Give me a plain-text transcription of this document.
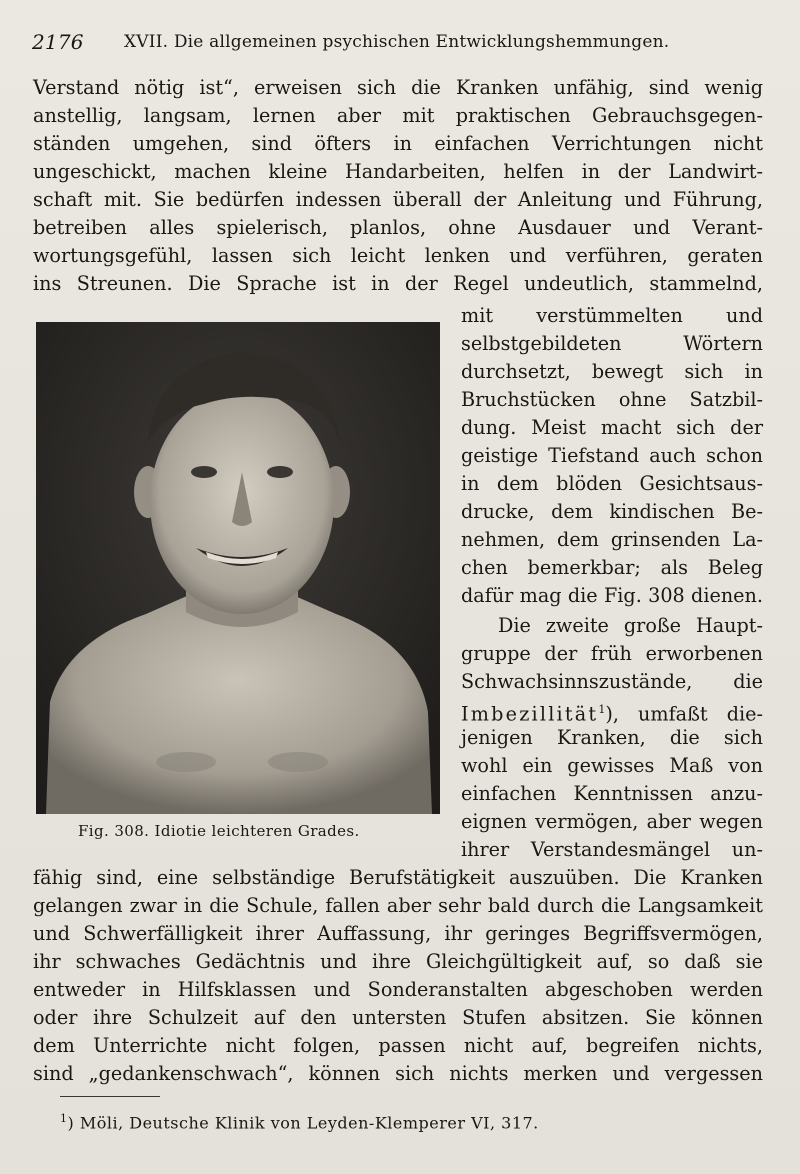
2176 XVII. Die allgemeinen psychischen Entwicklungshemmungen.
Verstand nötig ist“, erweisen sich die Kranken unfähig, sind wenig
anstellig, langsam, lernen aber mit praktischen Gebrauchsgegen-
ständen umgehen, sind öfters in einfachen Verrichtungen nicht
ungeschickt, machen kleine Handarbeiten, helfen in der Landwirt-
schaft mit. Sie bedürfen indessen überall der Anleitung und Führung,
betreiben alles spielerisch, planlos, ohne Ausdauer und Verant-
wortungsgefühl, lassen sich leicht lenken und verführen, geraten
ins Streunen. Die Sprache ist in der Regel undeutlich, stammelnd,
Fig. 308. Idiotie leichteren Grades.
mit verstümmelten und
selbstgebildeten Wörtern
durchsetzt, bewegt sich in
Bruchstücken ohne Satzbil-
dung. Meist macht sich der
geistige Tiefstand auch schon
in dem blöden Gesichtsaus-
drucke, dem kindischen Be-
nehmen, dem grinsenden La-
chen bemerkbar; als Beleg
dafür mag die Fig. 308 dienen.
Die zweite große Haupt-
gruppe der früh erworbenen
Schwachsinnszustände, die
Imbezillität$^1$), umfaßt die-
jenigen Kranken, die sich
wohl ein gewisses Maß von
einfachen Kenntnissen anzu-
eignen vermögen, aber wegen
ihrer Verstandesmängel un-
fähig sind, eine selbständige Berufstätigkeit auszuüben. Die Kranken
gelangen zwar in die Schule, fallen aber sehr bald durch die Langsamkeit
und Schwerfälligkeit ihrer Auffassung, ihr geringes Begriffsvermögen,
ihr schwaches Gedächtnis und ihre Gleichgültigkeit auf, so daß sie
entweder in Hilfsklassen und Sonderanstalten abgeschoben werden
oder ihre Schulzeit auf den untersten Stufen absitzen. Sie können
dem Unterrichte nicht folgen, passen nicht auf, begreifen nichts,
sind „gedankenschwach“, können sich nichts merken und vergessen
$^1$) Möli, Deutsche Klinik von Leyden-Klemperer VI, 317.
